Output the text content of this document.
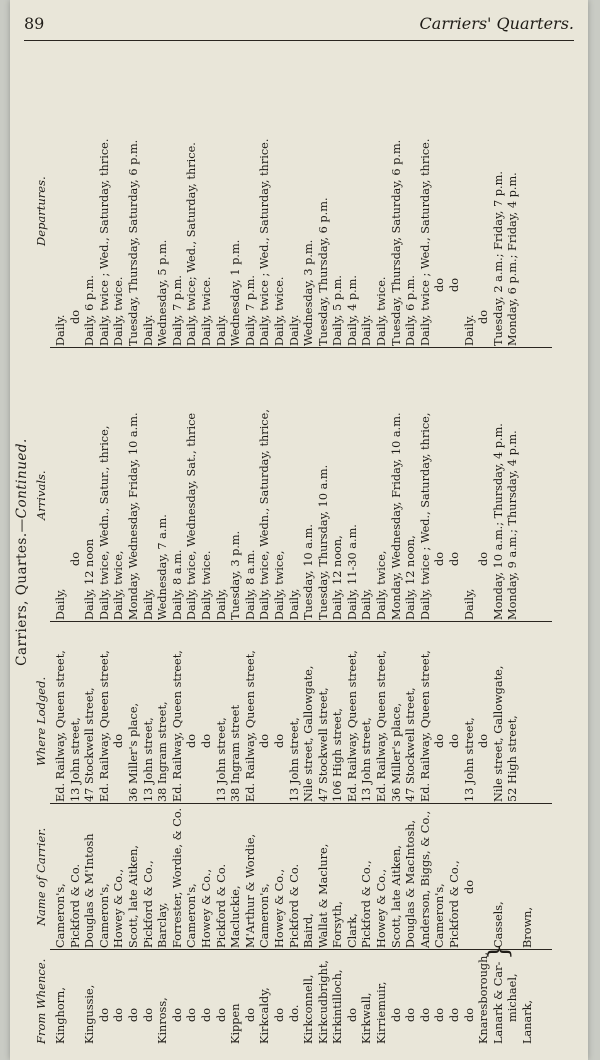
89	Carriers' Quarters.
Carriers, Quartes.—Continued.
From Whence.
Name of Carrier.
Where Lodged.
Arrivals.
Departures.
Kinghorn, Kingussie, do do do do Kinross, do do do do Kippen do Kirkcaldy, do do. Kirkconnell, Kirkcudbright, Kirkintilloch, do Kirkwall, Kirriemuir, do do do do do do Knaresborough, Lanark & Car- michael, Lanark,
}
Cameron's, Pickford & Co. Douglas & M'Intosh Cameron's, Howey & Co., Scott, late Aitken, Pickford & Co., Barclay, Forrester, Wordie, & Co. Cameron's, Howey & Co., Pickford & Co. Macluckie, M'Arthur & Wordie, Cameron's, Howey & Co., Pickford & Co. Baird, Wallat & Maclure, Forsyth, Clark, Pickford & Co., Howey & Co., Scott, late Aitken, Douglas & MacIntosh, Anderson, Biggs, & Co., Cameron's, Pickford & Co., do
Cassels, Brown,
Ed. Railway, Queen street, 13 John street, 47 Stockwell street, Ed. Railway, Queen street, do 36 Miller's place, 13 John street, 38 Ingram street, Ed. Railway, Queen street, do do 13 John street, 38 Ingram street Ed. Railway, Queen street, do do 13 John street, Nile street, Gallowgate, 47 Stockwell street, 106 High street, Ed. Railway, Queen street, 13 John street, Ed. Railway, Queen street, 36 Miller's place, 47 Stockwell street, Ed. Railway, Queen street, do do 13 John street, do Nile street, Gallowgate, 52 High street,
Daily,
do Daily, 12 noon Daily, twice, Wedn., Satur., thrice, Daily, twice, Monday, Wednesday, Friday, 10 a.m. Daily, Wednesday, 7 a.m. Daily, 8 a.m. Daily, twice, Wednesday, Sat., thrice Daily, twice. Daily, Tuesday, 3 p.m. Daily, 8 a.m. Daily, twice, Wedn., Saturday, thrice, Daily, twice, Daily, Tuesday, 10 a.m. Tuesday, Thursday, 10 a.m. Daily, 12 noon, Daily, 11-30 a.m. Daily, Daily, twice, Monday, Wednesday, Friday, 10 a.m. Daily, 12 noon, Daily, twice ; Wed., Saturday, thrice, do do
Daily,
do Monday, 10 a.m.; Thursday, 4 p.m. Monday, 9 a.m.; Thursday, 4 p.m.
Daily. do Daily, 6 p.m. Daily, twice ; Wed., Saturday, thrice. Daily, twice. Tuesday, Thursday, Saturday, 6 p.m. Daily. Wednesday, 5 p.m. Daily, 7 p.m. Daily, twice; Wed., Saturday, thrice. Daily, twice. Daily. Wednesday, 1 p.m. Daily, 7 p.m. Daily, twice ; Wed., Saturday, thrice. Daily, twice. Daily. Wednesday, 3 p.m. Tuesday, Thursday, 6 p.m. Daily, 5 p.m. Daily, 4 p.m. Daily. Daily, twice. Tuesday, Thursday, Saturday, 6 p.m. Daily, 6 p.m. Daily, twice ; Wed., Saturday, thrice. do do
Daily. do Tuesday, 2 a.m.; Friday, 7 p.m. Monday, 6 p.m.; Friday, 4 p.m.
